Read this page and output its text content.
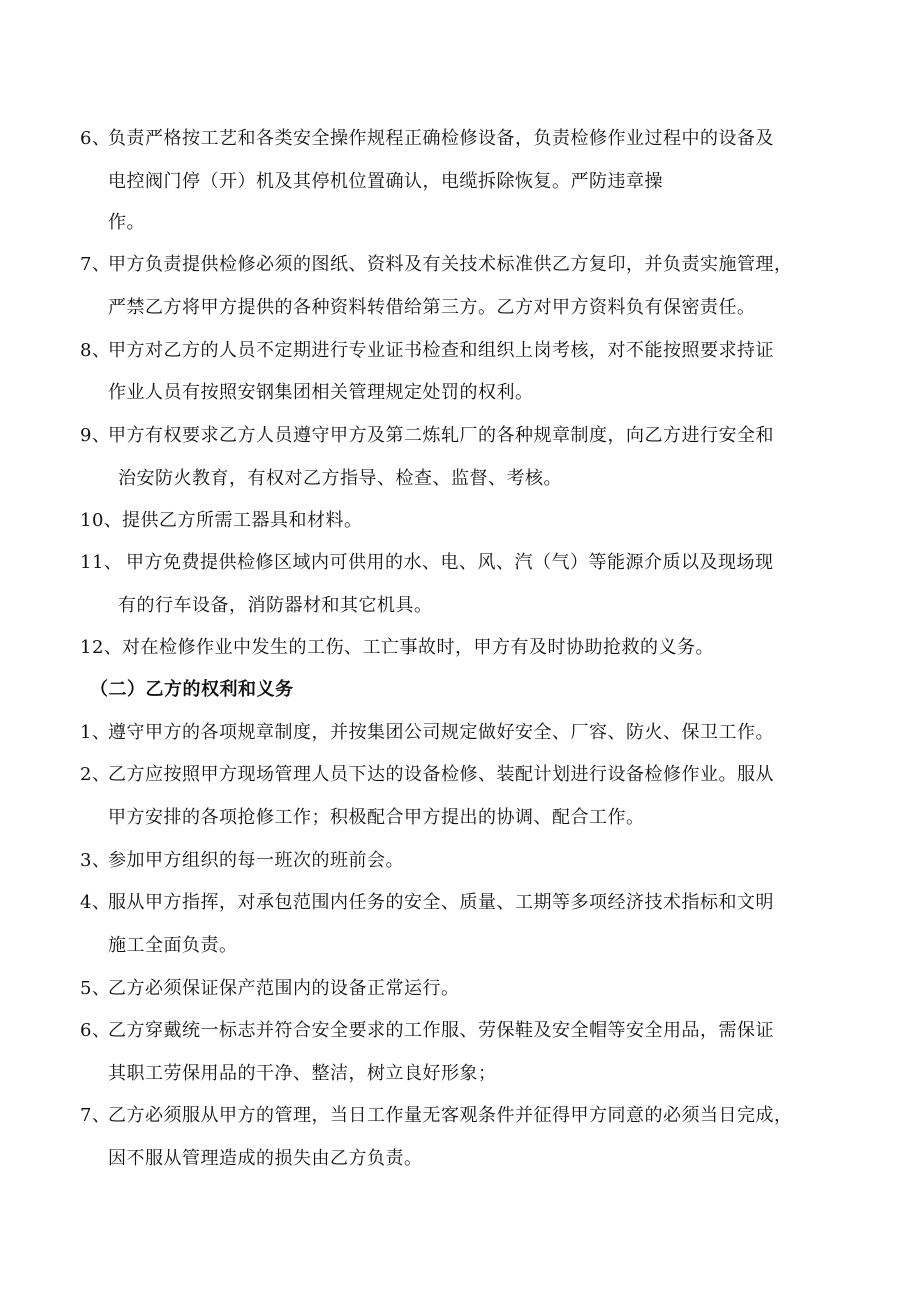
6、
负责严格按工艺和各类安全操作规程正确检修设备，负责检修作业过程中的设备及
电控阀门停（开）机及其停机位置确认，电缆拆除恢复。严防违章操
作。
7、
甲方负责提供检修必须的图纸、资料及有关技术标准供乙方复印，并负责实施管理，
严禁乙方将甲方提供的各种资料转借给第三方。乙方对甲方资料负有保密责任。
8、
甲方对乙方的人员不定期进行专业证书检查和组织上岗考核，对不能按照要求持证
作业人员有按照安钢集团相关管理规定处罚的权利。
9、
甲方有权要求乙方人员遵守甲方及第二炼轧厂的各种规章制度，向乙方进行安全和
治安防火教育，有权对乙方指导、检查、监督、考核。
10、 提供乙方所需工器具和材料。
11、 甲方免费提供检修区域内可供用的水、电、风、汽（气）等能源介质以及现场现
有的行车设备，消防器材和其它机具。
12、 对在检修作业中发生的工伤、工亡事故时，甲方有及时协助抢救的义务。
（二）乙方的权利和义务
1、
遵守甲方的各项规章制度，并按集团公司规定做好安全、厂容、防火、保卫工作。
2、
乙方应按照甲方现场管理人员下达的设备检修、装配计划进行设备检修作业。服从
甲方安排的各项抢修工作；积极配合甲方提出的协调、配合工作。
3、
参加甲方组织的每一班次的班前会。
4、
服从甲方指挥，对承包范围内任务的安全、质量、工期等多项经济技术指标和文明
施工全面负责。
5、
乙方必须保证保产范围内的设备正常运行。
6、
乙方穿戴统一标志并符合安全要求的工作服、劳保鞋及安全帽等安全用品，需保证
其职工劳保用品的干净、整洁，树立良好形象；
7、
乙方必须服从甲方的管理，当日工作量无客观条件并征得甲方同意的必须当日完成，
因不服从管理造成的损失由乙方负责。
